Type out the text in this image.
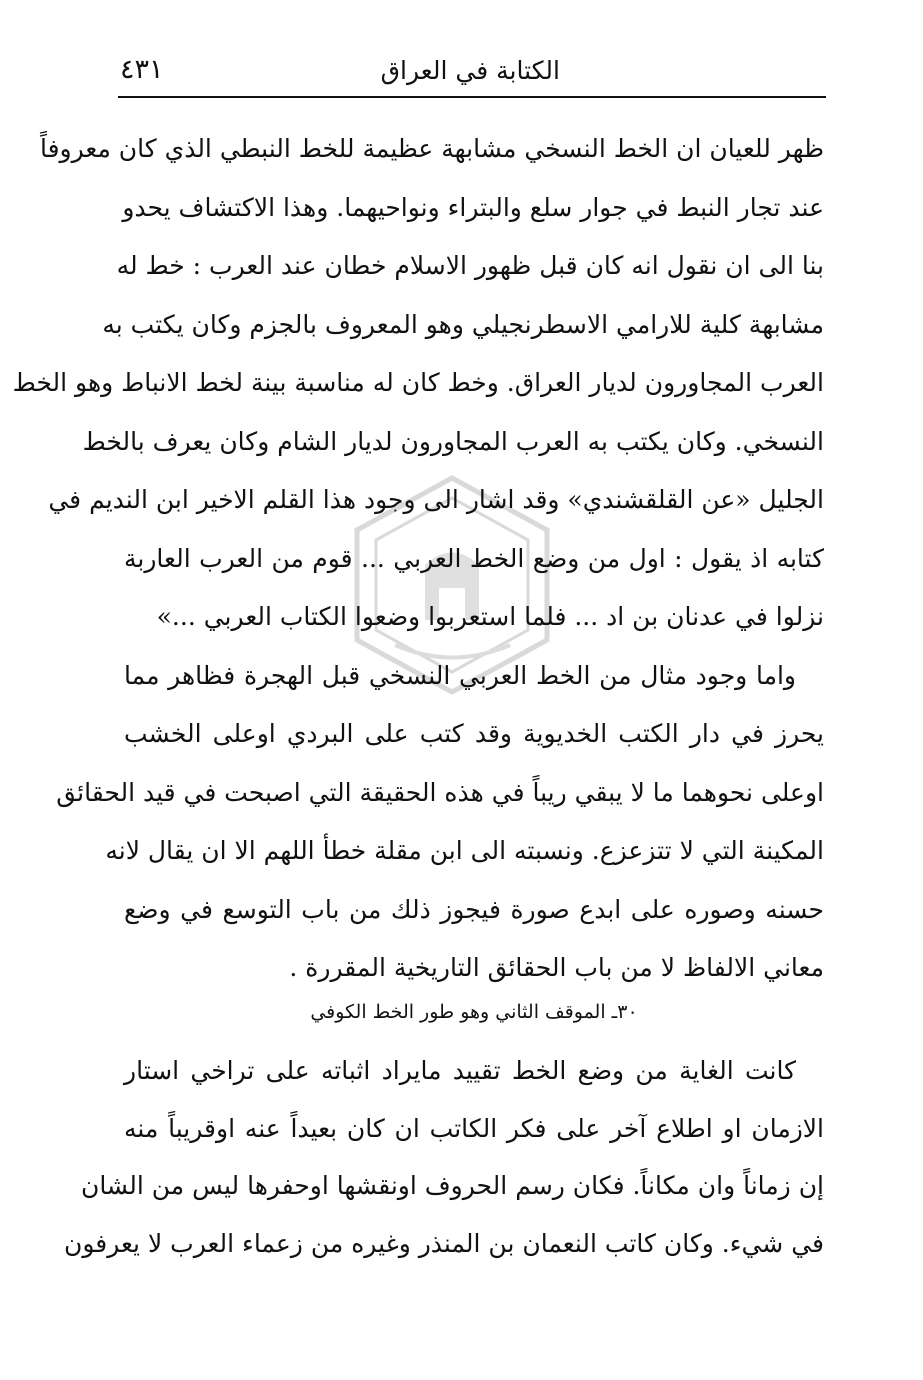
الكتابة في العراق
٤٣١
ظهر للعيان ان الخط النسخي مشابهة عظيمة للخط النبطي الذي كان معروفاً
عند تجار النبط في جوار سلع والبتراء ونواحيهما. وهذا الاكتشاف يحدو
بنا الى ان نقول انه كان قبل ظهور الاسلام خطان عند العرب : خط له
مشابهة كلية للارامي الاسطرنجيلي وهو المعروف بالجزم وكان يكتب به
العرب المجاورون لديار العراق. وخط كان له مناسبة بينة لخط الانباط وهو الخط
النسخي. وكان يكتب به العرب المجاورون لديار الشام وكان يعرف بالخط
الجليل «عن القلقشندي» وقد اشار الى وجود هذا القلم الاخير ابن النديم في
كتابه اذ يقول : اول من وضع الخط العربي ... قوم من العرب العاربة
نزلوا في عدنان بن اد ... فلما استعربوا وضعوا الكتاب العربي ...»
واما وجود مثال من الخط العربي النسخي قبل الهجرة فظاهر مما
يحرز في دار الكتب الخديوية وقد كتب على البردي اوعلى الخشب
اوعلى نحوهما ما لا يبقي ريباً في هذه الحقيقة التي اصبحت في قيد الحقائق
المكينة التي لا تتزعزع. ونسبته الى ابن مقلة خطأ اللهم الا ان يقال لانه
حسنه وصوره على ابدع صورة فيجوز ذلك من باب التوسع في وضع
معاني الالفاظ لا من باب الحقائق التاريخية المقررة .
٣٠ـ الموقف الثاني وهو طور الخط الكوفي
كانت الغاية من وضع الخط تقييد مايراد اثباته على تراخي استار
الازمان او اطلاع آخر على فكر الكاتب ان كان بعيداً عنه اوقريباً منه
إن زماناً وان مكاناً. فكان رسم الحروف اونقشها اوحفرها ليس من الشان
في شيء. وكان كاتب النعمان بن المنذر وغيره من زعماء العرب لا يعرفون
